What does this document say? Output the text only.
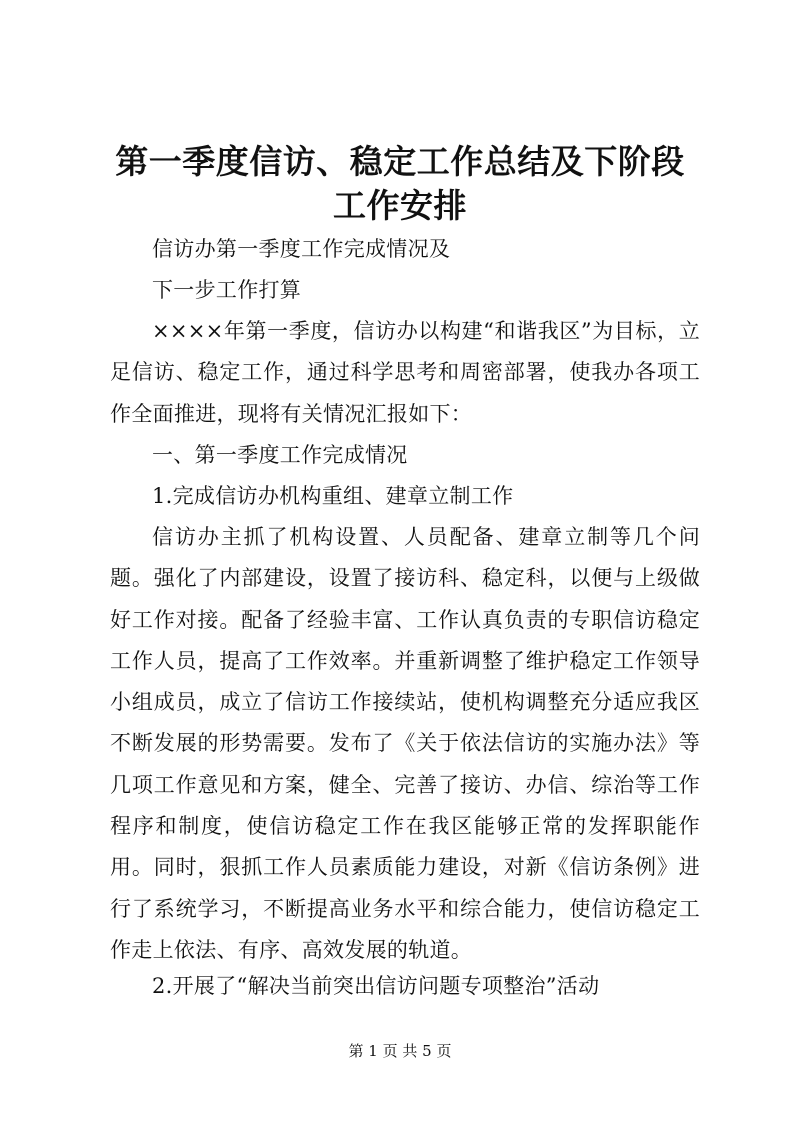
第一季度信访、稳定工作总结及下阶段工作安排
信访办第一季度工作完成情况及
下一步工作打算
××××年第一季度，信访办以构建“和谐我区”为目标，立足信访、稳定工作，通过科学思考和周密部署，使我办各项工作全面推进，现将有关情况汇报如下：
一、第一季度工作完成情况
1.完成信访办机构重组、建章立制工作
信访办主抓了机构设置、人员配备、建章立制等几个问题。强化了内部建设，设置了接访科、稳定科，以便与上级做好工作对接。配备了经验丰富、工作认真负责的专职信访稳定工作人员，提高了工作效率。并重新调整了维护稳定工作领导小组成员，成立了信访工作接续站，使机构调整充分适应我区不断发展的形势需要。发布了《关于依法信访的实施办法》等几项工作意见和方案，健全、完善了接访、办信、综治等工作程序和制度，使信访稳定工作在我区能够正常的发挥职能作用。同时，狠抓工作人员素质能力建设，对新《信访条例》进行了系统学习，不断提高业务水平和综合能力，使信访稳定工作走上依法、有序、高效发展的轨道。
2.开展了“解决当前突出信访问题专项整治”活动
第 1 页 共 5 页
